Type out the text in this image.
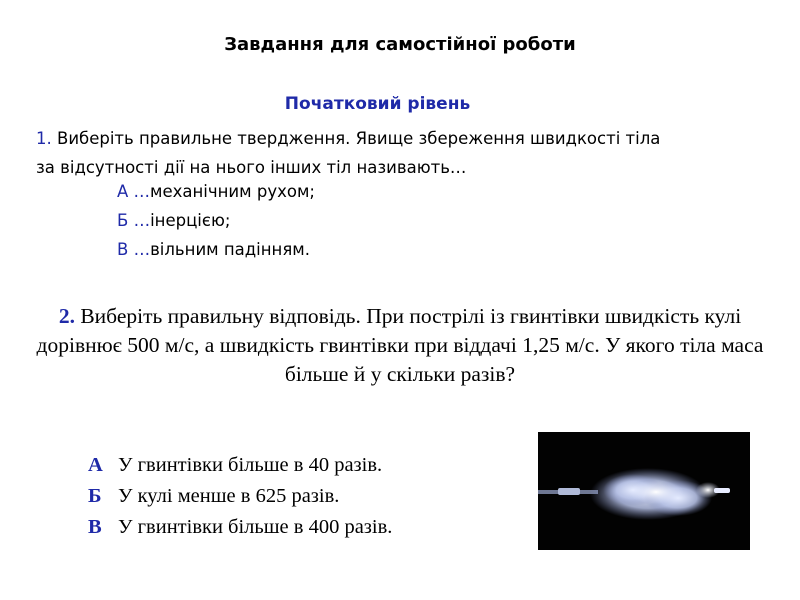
Завдання для самостійної роботи
Початковий рівень
1. Виберіть правильне твердження. Явище збереження швидкості тіла
за відсутності дії на нього інших тіл називають…
А …механічним рухом;
Б …інерцією;
В …вільним падінням.
2. Виберіть правильну відповідь. При пострілі із гвинтівки швидкість кулі дорівнює 500 м/с, а швидкість гвинтівки при віддачі 1,25 м/с. У якого тіла маса більше й у скільки разів?
А У гвинтівки більше в 40 разів.
Б У кулі менше в 625 разів.
В У гвинтівки більше в 400 разів.
